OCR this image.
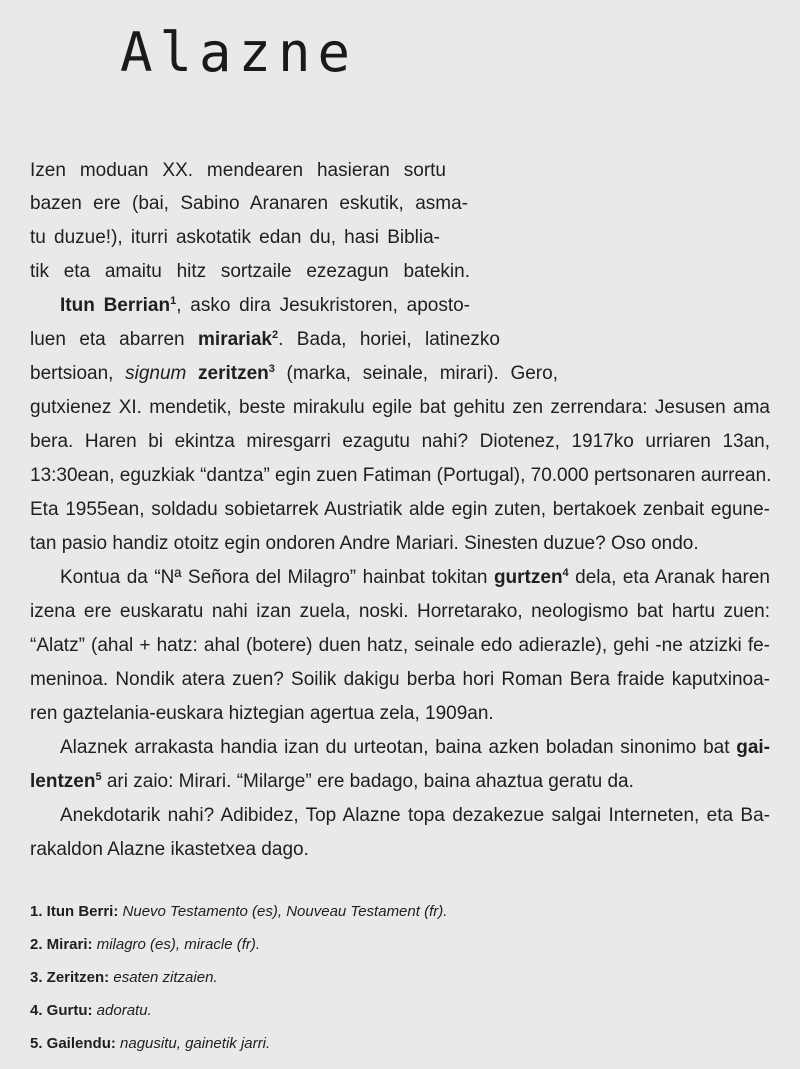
Alazne
Izen moduan XX. mendearen hasieran sortu
bazen ere (bai, Sabino Aranaren eskutik, asma-
tu duzue!), iturri askotatik edan du, hasi Biblia-
tik eta amaitu hitz sortzaile ezezagun batekin.
Itun Berrian$^1$, asko dira Jesukristoren, aposto-
luen eta abarren mirariak$^2$. Bada, horiei, latinezko
bertsioan, signum zeritzen$^3$ (marka, seinale, mirari). Gero,
gutxienez XI. mendetik, beste mirakulu egile bat gehitu zen zerrendara: Jesusen ama
bera. Haren bi ekintza miresgarri ezagutu nahi? Diotenez, 1917ko urriaren 13an,
13:30ean, eguzkiak “dantza” egin zuen Fatiman (Portugal), 70.000 pertsonaren aurrean.
Eta 1955ean, soldadu sobietarrek Austriatik alde egin zuten, bertakoek zenbait egune-
tan pasio handiz otoitz egin ondoren Andre Mariari. Sinesten duzue? Oso ondo.
Kontua da “Nª Señora del Milagro” hainbat tokitan gurtzen$^4$ dela, eta Aranak haren
izena ere euskaratu nahi izan zuela, noski. Horretarako, neologismo bat hartu zuen:
“Alatz” (ahal + hatz: ahal (botere) duen hatz, seinale edo adierazle), gehi -ne atzizki fe-
meninoa. Nondik atera zuen? Soilik dakigu berba hori Roman Bera fraide kaputxinoa-
ren gaztelania-euskara hiztegian agertua zela, 1909an.
Alaznek arrakasta handia izan du urteotan, baina azken boladan sinonimo bat gai-
lentzen$^5$ ari zaio: Mirari. “Milarge” ere badago, baina ahaztua geratu da.
Anekdotarik nahi? Adibidez, Top Alazne topa dezakezue salgai Interneten, eta Ba-
rakaldon Alazne ikastetxea dago.
1. Itun Berri: Nuevo Testamento (es), Nouveau Testament (fr).
2. Mirari: milagro (es), miracle (fr).
3. Zeritzen: esaten zitzaien.
4. Gurtu: adoratu.
5. Gailendu: nagusitu, gainetik jarri.
